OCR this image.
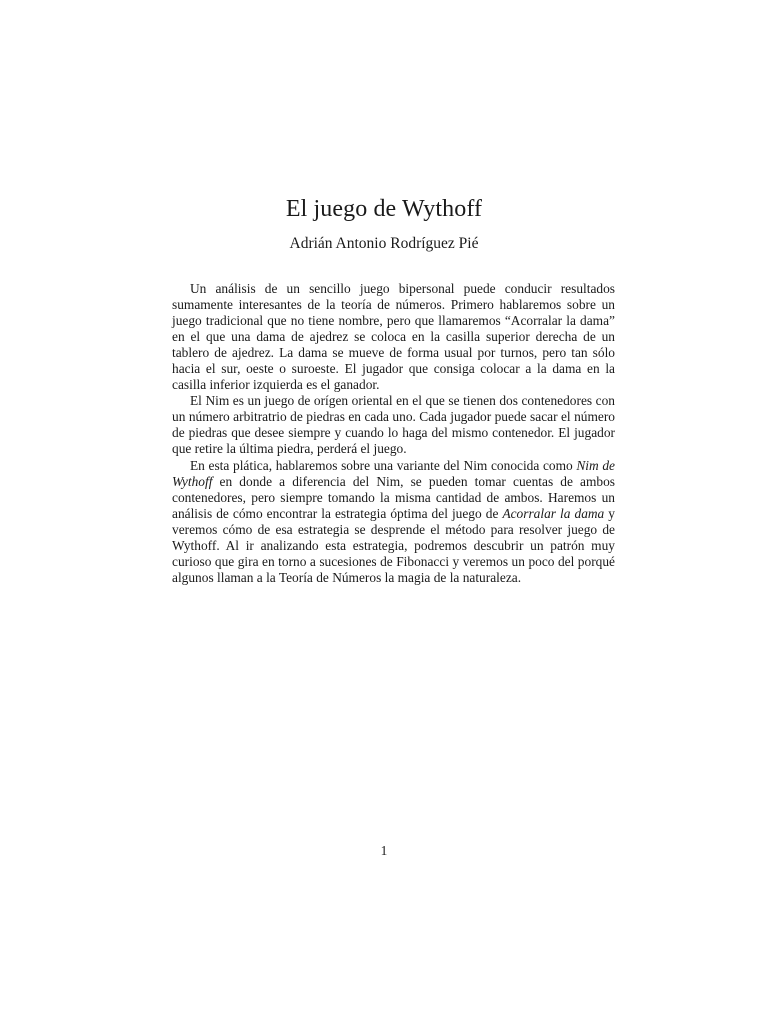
El juego de Wythoff
Adrián Antonio Rodríguez Pié

Un análisis de un sencillo juego bipersonal puede conducir resultados sumamente interesantes de la teoría de números. Primero hablaremos sobre un juego tradicional que no tiene nombre, pero que llamaremos “Acorralar la dama” en el que una dama de ajedrez se coloca en la casilla superior derecha de un tablero de ajedrez. La dama se mueve de forma usual por turnos, pero tan sólo hacia el sur, oeste o suroeste. El jugador que consiga colocar a la dama en la casilla inferior izquierda es el ganador.

El Nim es un juego de orígen oriental en el que se tienen dos contenedores con un número arbitratrio de piedras en cada uno. Cada jugador puede sacar el número de piedras que desee siempre y cuando lo haga del mismo contenedor. El jugador que retire la última piedra, perderá el juego.

En esta plática, hablaremos sobre una variante del Nim conocida como Nim de Wythoff en donde a diferencia del Nim, se pueden tomar cuentas de ambos contenedores, pero siempre tomando la misma cantidad de ambos. Haremos un análisis de cómo encontrar la estrategia óptima del juego de Acorralar la dama y veremos cómo de esa estrategia se desprende el método para resolver juego de Wythoff. Al ir analizando esta estrategia, podremos descubrir un patrón muy curioso que gira en torno a sucesiones de Fibonacci y veremos un poco del porqué algunos llaman a la Teoría de Números la magia de la naturaleza.

1
